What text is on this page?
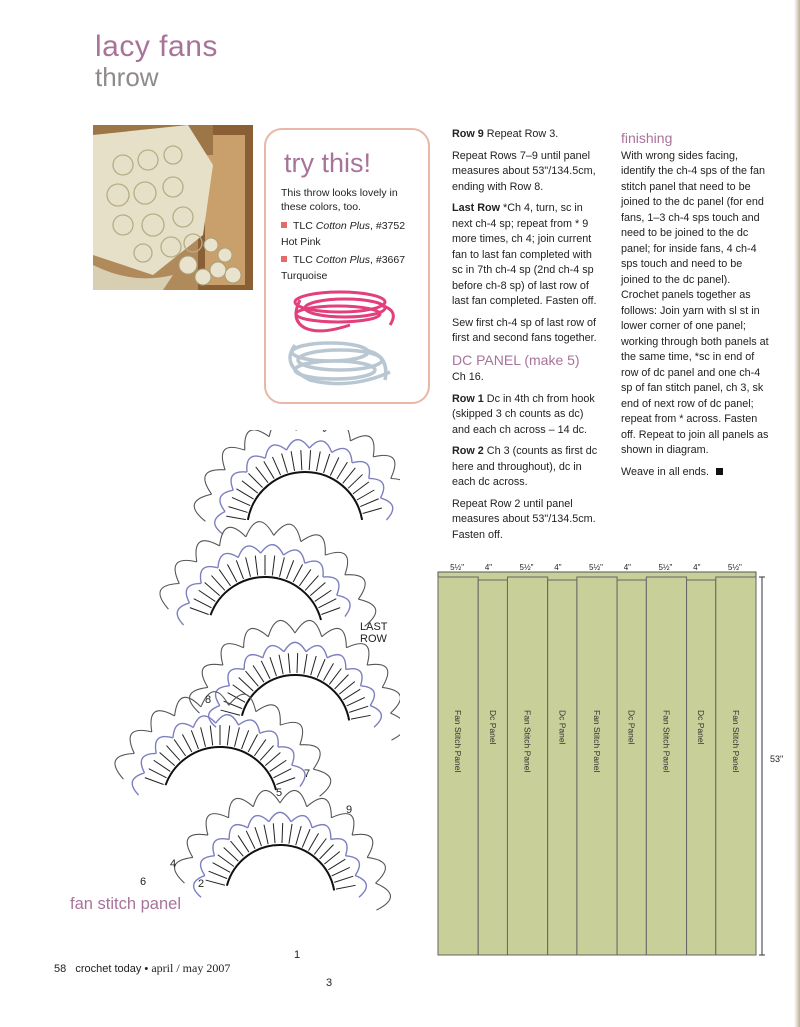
lacy fans
throw
try this!
This throw looks lovely in these colors, too.
TLC Cotton Plus, #3752
Hot Pink
TLC Cotton Plus, #3667
Turquoise

Row 9 Repeat Row 3.

Repeat Rows 7–9 until panel measures about 53"/134.5cm, ending with Row 8.

Last Row *Ch 4, turn, sc in next ch-4 sp; repeat from * 9 more times, ch 4; join current fan to last fan completed with sc in 7th ch-4 sp (2nd ch-4 sp before ch-8 sp) of last row of last fan completed. Fasten off.

Sew first ch-4 sp of last row of first and second fans together.

DC PANEL (make 5)

Ch 16.

Row 1 Dc in 4th ch from hook (skipped 3 ch counts as dc) and each ch across – 14 dc.

Row 2 Ch 3 (counts as first dc here and throughout), dc in each dc across.

Repeat Row 2 until panel measures about 53"/134.5cm. Fasten off.

finishing

With wrong sides facing, identify the ch-4 sps of the fan stitch panel that need to be joined to the dc panel (for end fans, 1–3 ch-4 sps touch and need to be joined to the dc panel; for inside fans, 4 ch-4 sps touch and need to be joined to the dc panel). Crochet panels together as follows: Join yarn with sl st in lower corner of one panel; working through both panels at the same time, *sc in end of row of dc panel and one ch-4 sp of fan stitch panel, ch 3, sk end of next row of dc panel; repeat from * across. Fasten off. Repeat to join all panels as shown in diagram.

Weave in all ends.

LAST
ROW
1
2
3
4
5
6
7
8
9
fan stitch panel
Fan Stitch Panel
5½"
Dc Panel
4"
Fan Stitch Panel
5½"
Dc Panel
4"
Fan Stitch Panel
5½"
Dc Panel
4"
Fan Stitch Panel
5½"
Dc Panel
4"
Fan Stitch Panel
5½"
53"
58 crochet today • april / may 2007
